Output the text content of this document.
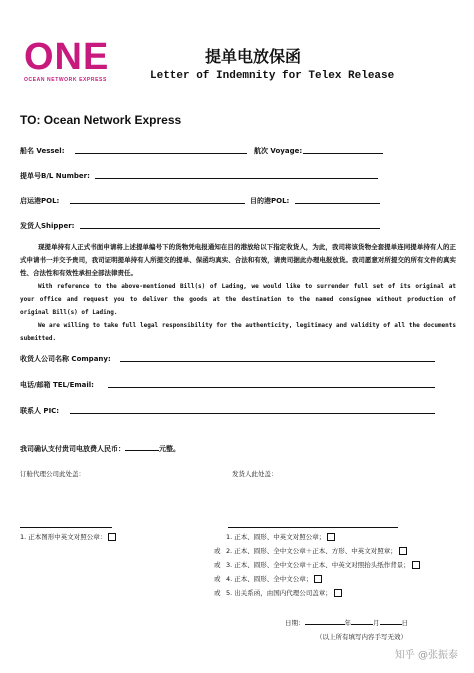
ONE
OCEAN NETWORK EXPRESS
提单电放保函
Letter of Indemnity for Telex Release
TO: Ocean Network Express
船名 Vessel:	航次 Voyage:
提单号B/L Number:
启运港POL:	目的港POL:
发货人Shipper:

现提单持有人正式书面申请将上述提单编号下的货物凭电报通知在目的港放给以下指定收货人，为此，我司将该货物全套提单连同提单持有人的正式申请书一并交予贵司，我司证明提单持有人所提交的提单、保函均真实、合法和有效，请贵司据此办理电报放货。我司愿意对所提交的所有文件的真实性、合法性和有效性承担全部法律责任。

With reference to the above-mentioned Bill(s) of Lading, we would like to surrender full set of its original at your office and request you to deliver the goods at the destination to the named consignee without production of original Bill(s) of Lading.

We are willing to take full legal responsibility for the authenticity, legitimacy and validity of all the documents submitted.

收货人公司名称 Company:
电话/邮箱 TEL/Email:
联系人 PIC:
我司确认支付贵司电放费人民币：	元整。
订舱代理公司此处盖：	发货人此处盖：
1. 正本图形中英文对照公章：	1. 正本、圆形、中英文对照公章；
或 2. 正本、圆形、全中文公章＋正本、方形、中英文对照章；
或 3. 正本、圆形、全中文公章＋正本、中英文对照抬头纸作背景；
或 4. 正本、圆形、全中文公章；
或 5. 出关系函，由国内代理公司盖章；
日期：	年	月	日
（以上所有填写内容手写无效）
知乎 @张振泰
